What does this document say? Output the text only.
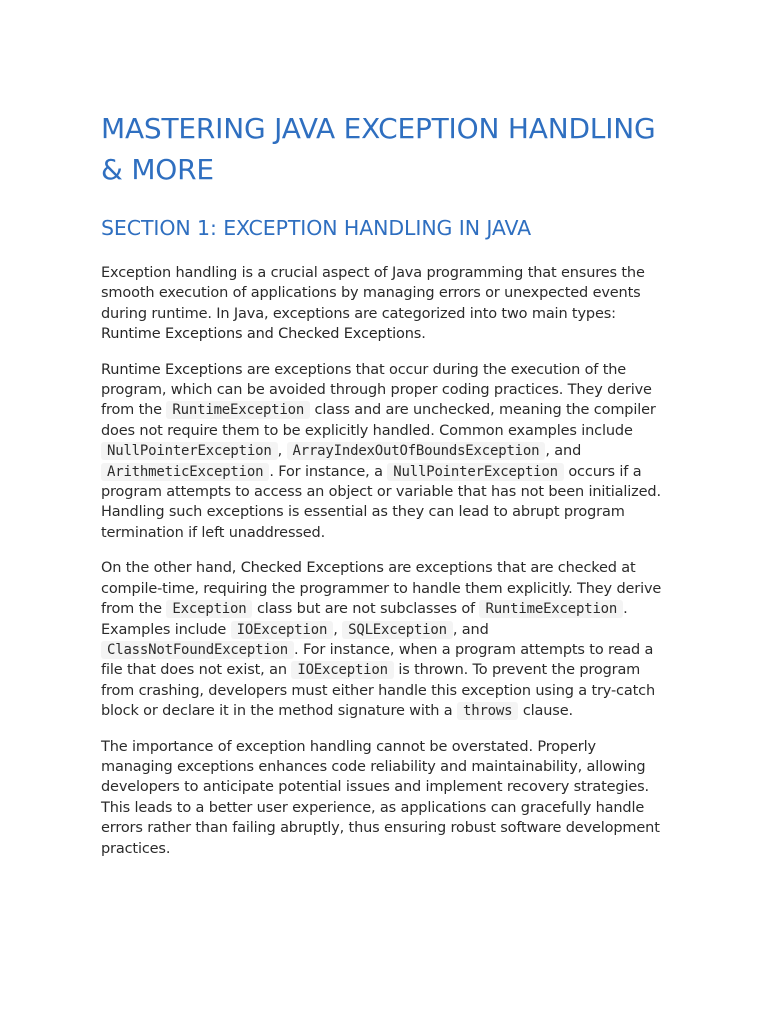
MASTERING JAVA EXCEPTION HANDLING & MORE
SECTION 1: EXCEPTION HANDLING IN JAVA

Exception handling is a crucial aspect of Java programming that ensures the smooth execution of applications by managing errors or unexpected events during runtime. In Java, exceptions are categorized into two main types: Runtime Exceptions and Checked Exceptions.

Runtime Exceptions are exceptions that occur during the execution of the program, which can be avoided through proper coding practices. They derive from the RuntimeException class and are unchecked, meaning the compiler does not require them to be explicitly handled. Common examples include NullPointerException , ArrayIndexOutOfBoundsException , and ArithmeticException . For instance, a NullPointerException occurs if a program attempts to access an object or variable that has not been initialized. Handling such exceptions is essential as they can lead to abrupt program termination if left unaddressed.

On the other hand, Checked Exceptions are exceptions that are checked at compile-time, requiring the programmer to handle them explicitly. They derive from the Exception class but are not subclasses of RuntimeException . Examples include IOException , SQLException , and ClassNotFoundException . For instance, when a program attempts to read a file that does not exist, an IOException is thrown. To prevent the program from crashing, developers must either handle this exception using a try-catch block or declare it in the method signature with a throws clause.

The importance of exception handling cannot be overstated. Properly managing exceptions enhances code reliability and maintainability, allowing developers to anticipate potential issues and implement recovery strategies. This leads to a better user experience, as applications can gracefully handle errors rather than failing abruptly, thus ensuring robust software development practices.
